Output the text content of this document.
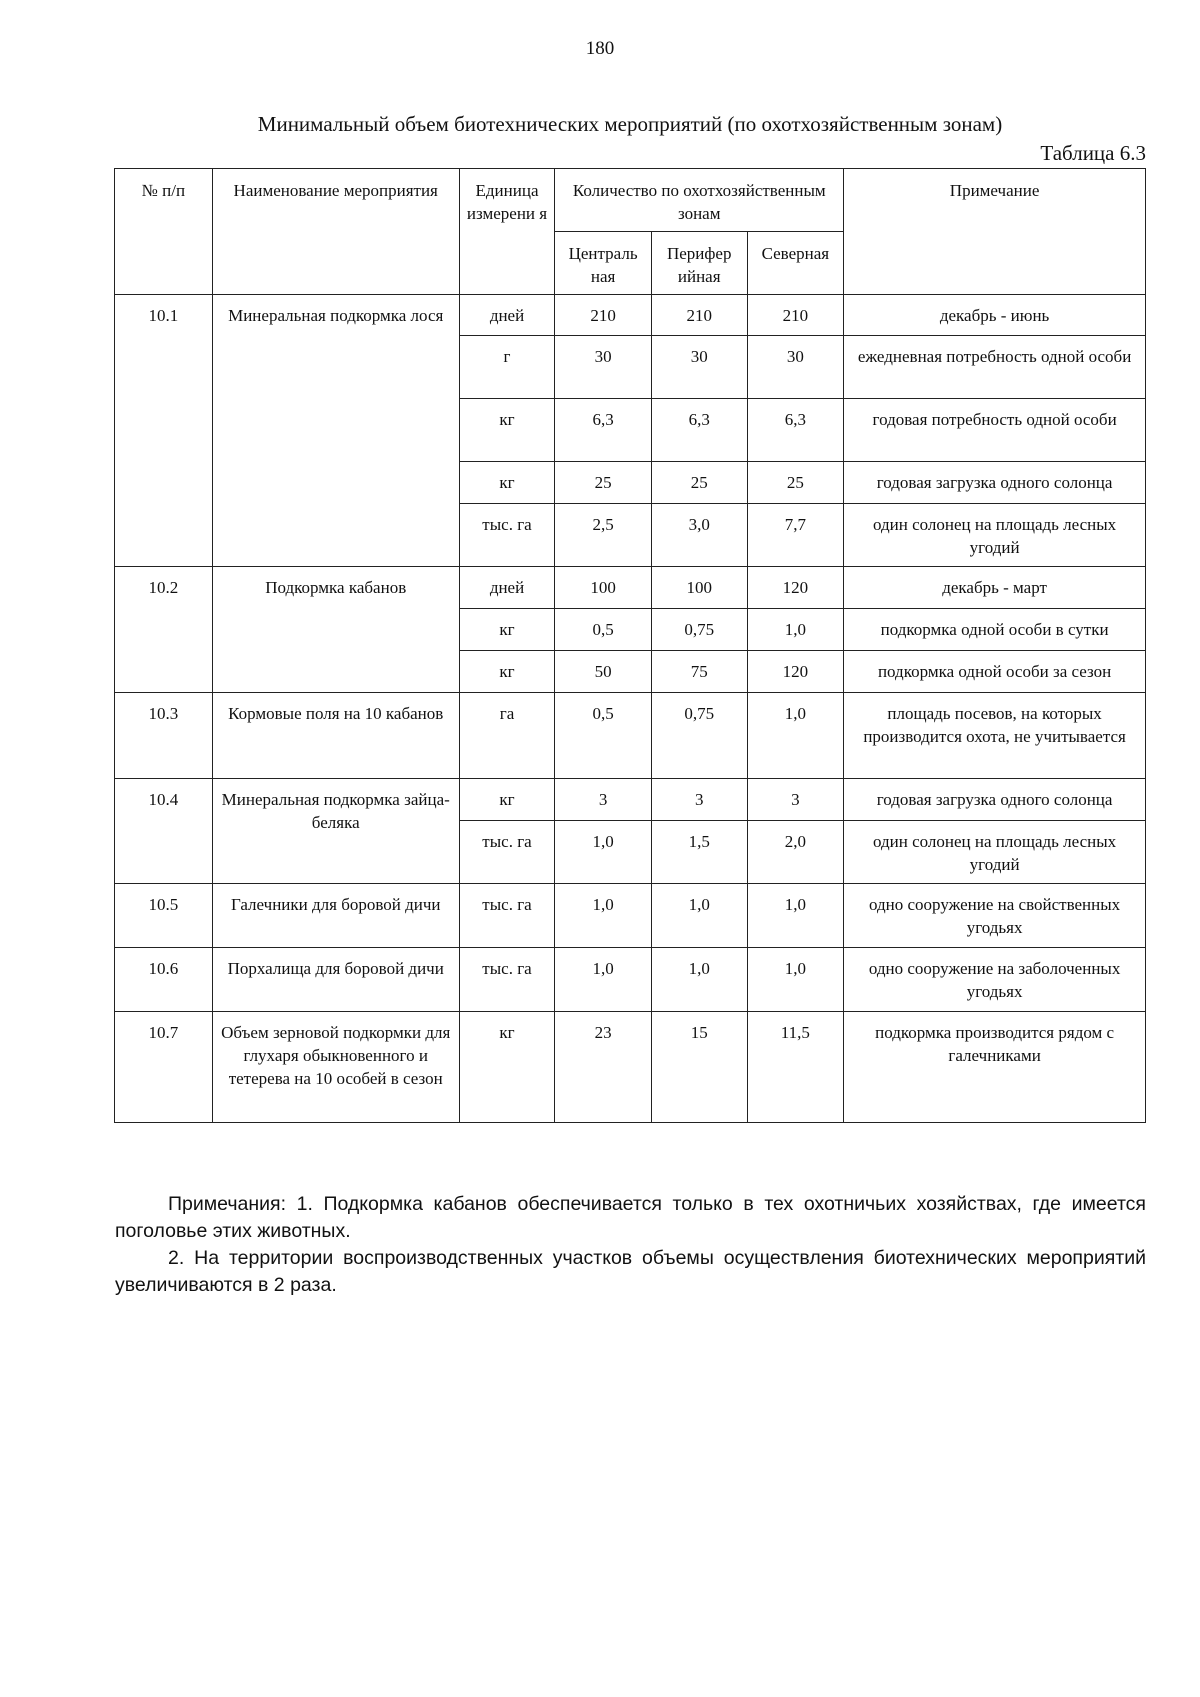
180
Минимальный объем биотехнических мероприятий (по охотхозяйственным зонам)
Таблица 6.3
№ п/п	Наименование мероприятия	Единица измерени я	Количество по охотхозяйственным зонам			Примечание
			Централь ная	Перифер ийная	Северная	
10.1	Минеральная подкормка лося	дней	210	210	210	декабрь - июнь
		г	30	30	30	ежедневная потребность одной особи
		кг	6,3	6,3	6,3	годовая потребность одной особи
		кг	25	25	25	годовая загрузка одного солонца
		тыс. га	2,5	3,0	7,7	один солонец на площадь лесных угодий
10.2	Подкормка кабанов	дней	100	100	120	декабрь - март
		кг	0,5	0,75	1,0	подкормка одной особи в сутки
		кг	50	75	120	подкормка одной особи за сезон
10.3	Кормовые поля на 10 кабанов	га	0,5	0,75	1,0	площадь посевов, на которых производится охота, не учитывается
10.4	Минеральная подкормка зайца-беляка	кг	3	3	3	годовая загрузка одного солонца
		тыс. га	1,0	1,5	2,0	один солонец на площадь лесных угодий
10.5	Галечники для боровой дичи	тыс. га	1,0	1,0	1,0	одно сооружение на свойственных угодьях
10.6	Порхалища для боровой дичи	тыс. га	1,0	1,0	1,0	одно сооружение на заболоченных угодьях
10.7	Объем зерновой подкормки для глухаря обыкновенного и тетерева на 10 особей в сезон	кг	23	15	11,5	подкормка производится рядом с галечниками

Примечания: 1. Подкормка кабанов обеспечивается только в тех охотничьих хозяйствах, где имеется поголовье этих животных.

2. На территории воспроизводственных участков объемы осуществления биотехнических мероприятий увеличиваются в 2 раза.
